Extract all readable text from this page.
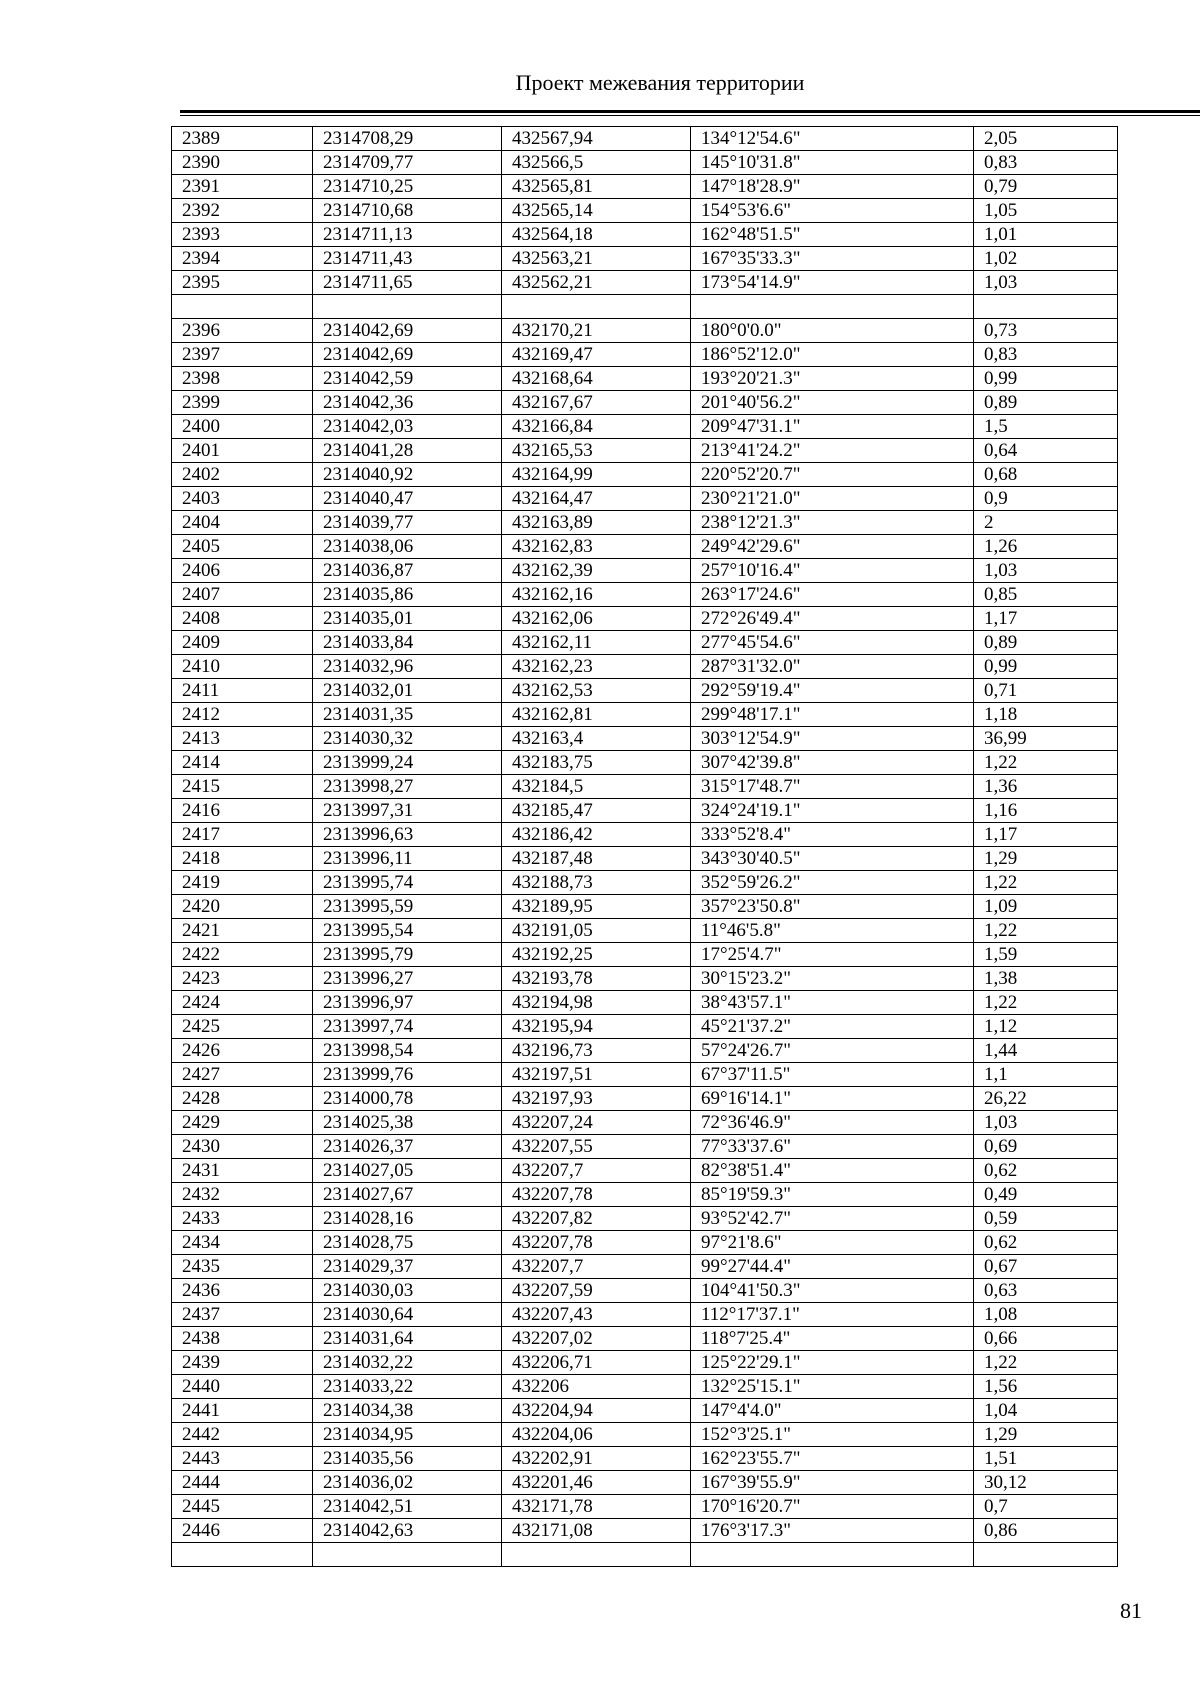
Проект межевания территории
2389	2314708,29	432567,94	134°12'54.6"	2,05
2390	2314709,77	432566,5	145°10'31.8"	0,83
2391	2314710,25	432565,81	147°18'28.9"	0,79
2392	2314710,68	432565,14	154°53'6.6"	1,05
2393	2314711,13	432564,18	162°48'51.5"	1,01
2394	2314711,43	432563,21	167°35'33.3"	1,02
2395	2314711,65	432562,21	173°54'14.9"	1,03

2396	2314042,69	432170,21	180°0'0.0"	0,73
2397	2314042,69	432169,47	186°52'12.0"	0,83
2398	2314042,59	432168,64	193°20'21.3"	0,99
2399	2314042,36	432167,67	201°40'56.2"	0,89
2400	2314042,03	432166,84	209°47'31.1"	1,5
2401	2314041,28	432165,53	213°41'24.2"	0,64
2402	2314040,92	432164,99	220°52'20.7"	0,68
2403	2314040,47	432164,47	230°21'21.0"	0,9
2404	2314039,77	432163,89	238°12'21.3"	2
2405	2314038,06	432162,83	249°42'29.6"	1,26
2406	2314036,87	432162,39	257°10'16.4"	1,03
2407	2314035,86	432162,16	263°17'24.6"	0,85
2408	2314035,01	432162,06	272°26'49.4"	1,17
2409	2314033,84	432162,11	277°45'54.6"	0,89
2410	2314032,96	432162,23	287°31'32.0"	0,99
2411	2314032,01	432162,53	292°59'19.4"	0,71
2412	2314031,35	432162,81	299°48'17.1"	1,18
2413	2314030,32	432163,4	303°12'54.9"	36,99
2414	2313999,24	432183,75	307°42'39.8"	1,22
2415	2313998,27	432184,5	315°17'48.7"	1,36
2416	2313997,31	432185,47	324°24'19.1"	1,16
2417	2313996,63	432186,42	333°52'8.4"	1,17
2418	2313996,11	432187,48	343°30'40.5"	1,29
2419	2313995,74	432188,73	352°59'26.2"	1,22
2420	2313995,59	432189,95	357°23'50.8"	1,09
2421	2313995,54	432191,05	11°46'5.8"	1,22
2422	2313995,79	432192,25	17°25'4.7"	1,59
2423	2313996,27	432193,78	30°15'23.2"	1,38
2424	2313996,97	432194,98	38°43'57.1"	1,22
2425	2313997,74	432195,94	45°21'37.2"	1,12
2426	2313998,54	432196,73	57°24'26.7"	1,44
2427	2313999,76	432197,51	67°37'11.5"	1,1
2428	2314000,78	432197,93	69°16'14.1"	26,22
2429	2314025,38	432207,24	72°36'46.9"	1,03
2430	2314026,37	432207,55	77°33'37.6"	0,69
2431	2314027,05	432207,7	82°38'51.4"	0,62
2432	2314027,67	432207,78	85°19'59.3"	0,49
2433	2314028,16	432207,82	93°52'42.7"	0,59
2434	2314028,75	432207,78	97°21'8.6"	0,62
2435	2314029,37	432207,7	99°27'44.4"	0,67
2436	2314030,03	432207,59	104°41'50.3"	0,63
2437	2314030,64	432207,43	112°17'37.1"	1,08
2438	2314031,64	432207,02	118°7'25.4"	0,66
2439	2314032,22	432206,71	125°22'29.1"	1,22
2440	2314033,22	432206	132°25'15.1"	1,56
2441	2314034,38	432204,94	147°4'4.0"	1,04
2442	2314034,95	432204,06	152°3'25.1"	1,29
2443	2314035,56	432202,91	162°23'55.7"	1,51
2444	2314036,02	432201,46	167°39'55.9"	30,12
2445	2314042,51	432171,78	170°16'20.7"	0,7
2446	2314042,63	432171,08	176°3'17.3"	0,86

81
